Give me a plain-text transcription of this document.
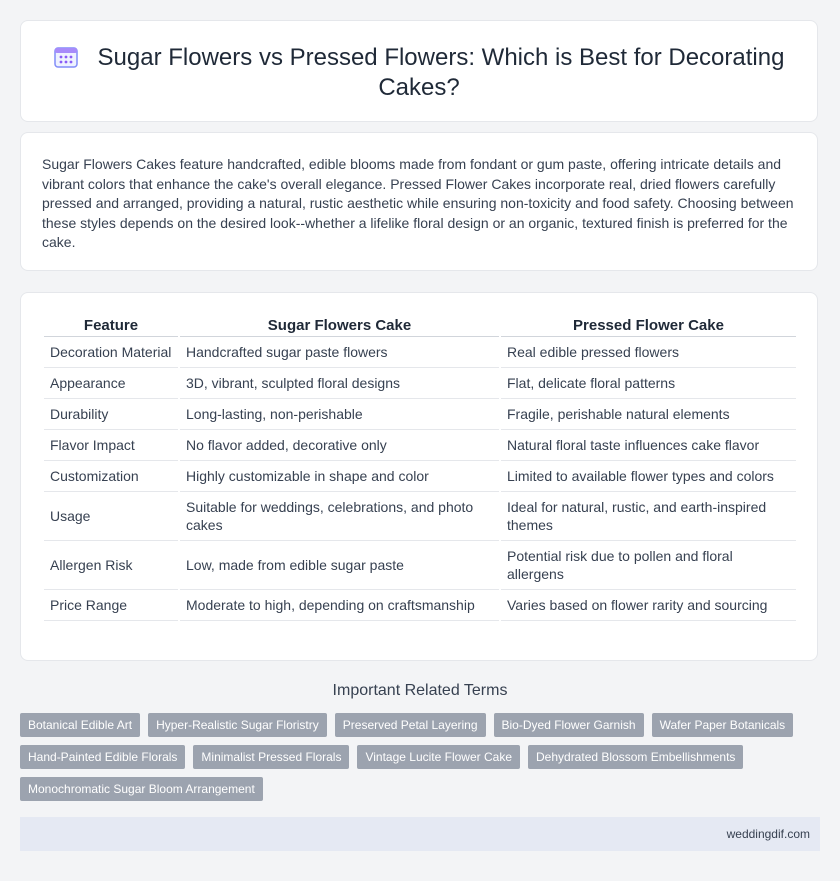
Sugar Flowers vs Pressed Flowers: Which is Best for Decorating Cakes?

Sugar Flowers Cakes feature handcrafted, edible blooms made from fondant or gum paste, offering intricate details and vibrant colors that enhance the cake's overall elegance. Pressed Flower Cakes incorporate real, dried flowers carefully pressed and arranged, providing a natural, rustic aesthetic while ensuring non-toxicity and food safety. Choosing between these styles depends on the desired look--whether a lifelike floral design or an organic, textured finish is preferred for the cake.

Feature	Sugar Flowers Cake	Pressed Flower Cake
Decoration Material	Handcrafted sugar paste flowers	Real edible pressed flowers
Appearance	3D, vibrant, sculpted floral designs	Flat, delicate floral patterns
Durability	Long-lasting, non-perishable	Fragile, perishable natural elements
Flavor Impact	No flavor added, decorative only	Natural floral taste influences cake flavor
Customization	Highly customizable in shape and color	Limited to available flower types and colors
Usage	Suitable for weddings, celebrations, and photo cakes	Ideal for natural, rustic, and earth-inspired themes
Allergen Risk	Low, made from edible sugar paste	Potential risk due to pollen and floral allergens
Price Range	Moderate to high, depending on craftsmanship	Varies based on flower rarity and sourcing
Important Related Terms
Botanical Edible Art	Hyper-Realistic Sugar Floristry	Preserved Petal Layering	Bio-Dyed Flower Garnish	Wafer Paper Botanicals
Hand-Painted Edible Florals	Minimalist Pressed Florals	Vintage Lucite Flower Cake	Dehydrated Blossom Embellishments
Monochromatic Sugar Bloom Arrangement
weddingdif.com
